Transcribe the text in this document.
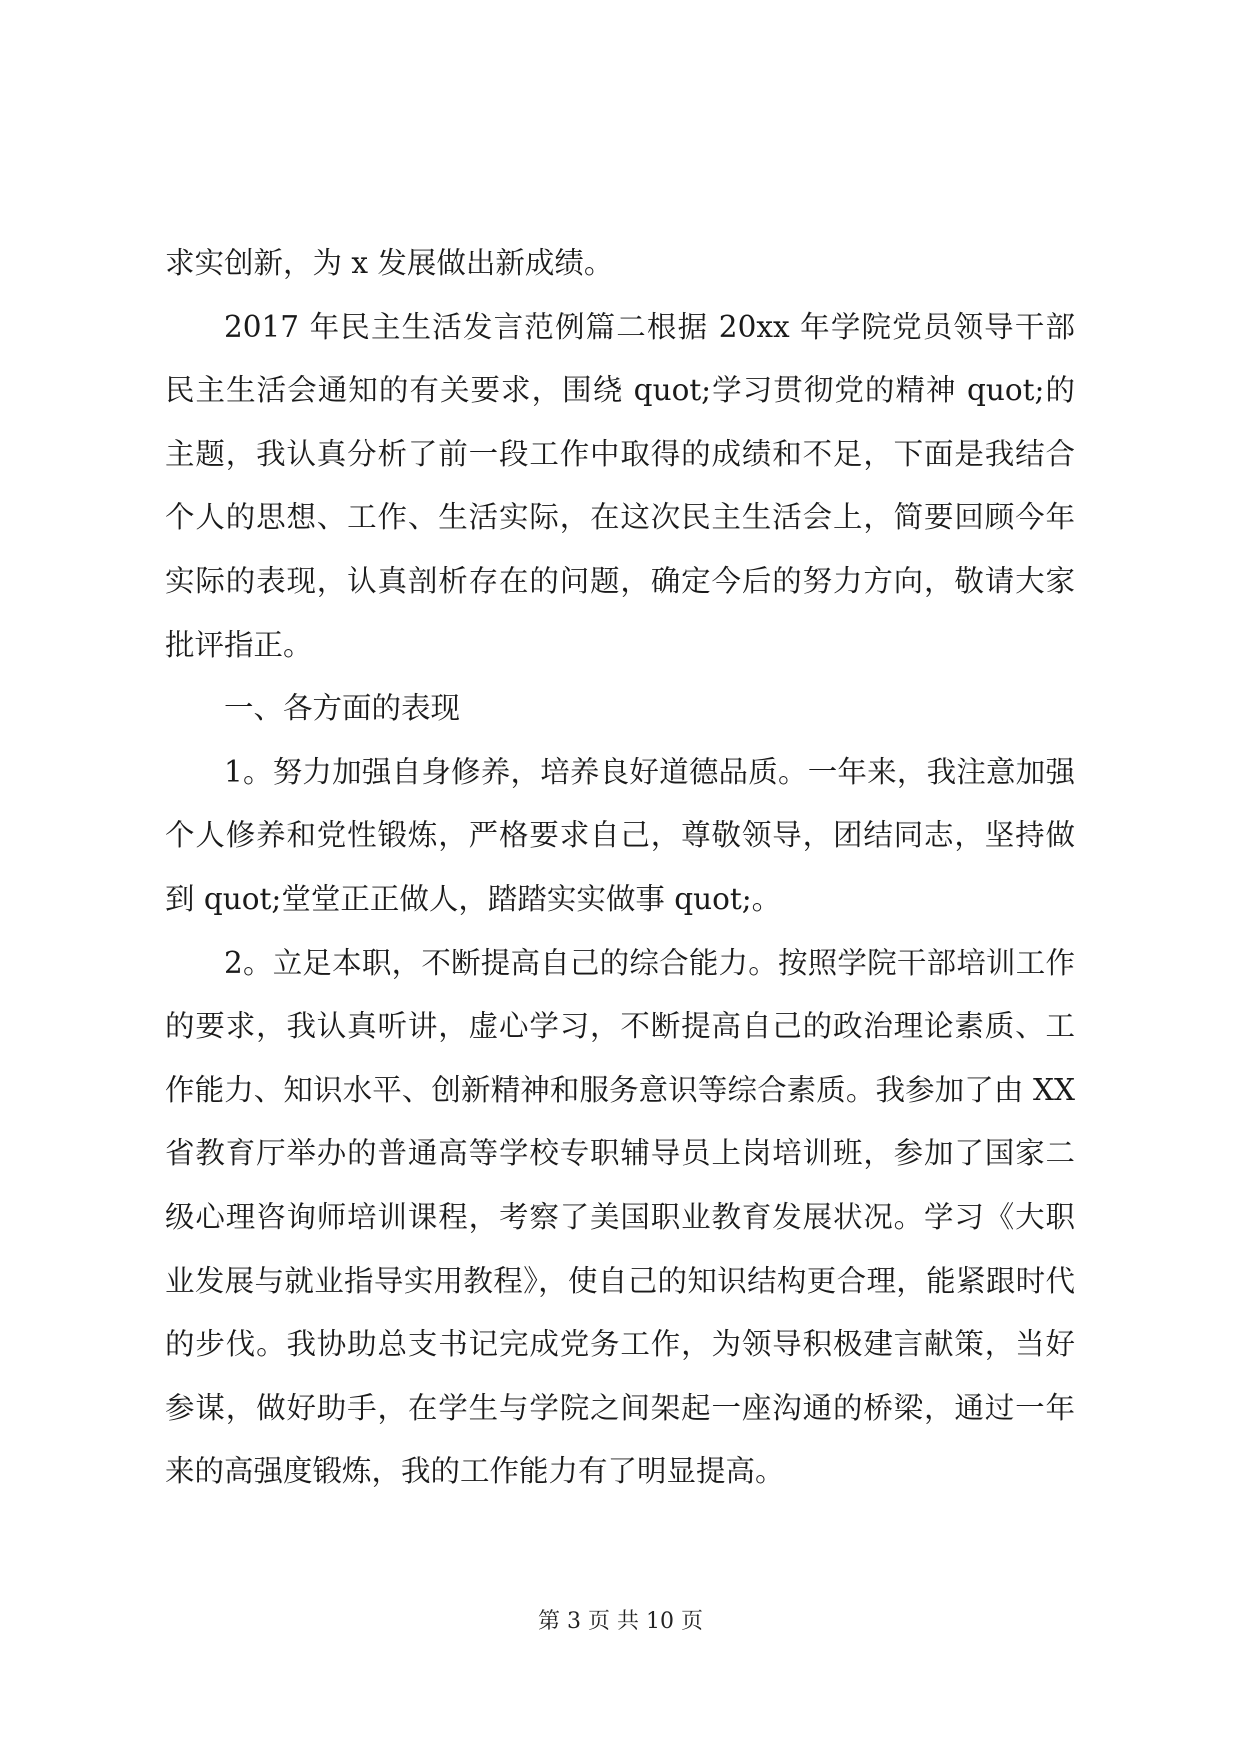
求实创新，为 x 发展做出新成绩。

2017 年民主生活发言范例篇二根据 20xx 年学院党员领导干部民主生活会通知的有关要求，围绕 quot;学习贯彻党的精神 quot;的主题，我认真分析了前一段工作中取得的成绩和不足，下面是我结合个人的思想、工作、生活实际，在这次民主生活会上，简要回顾今年实际的表现，认真剖析存在的问题，确定今后的努力方向，敬请大家批评指正。

一、各方面的表现

1。努力加强自身修养，培养良好道德品质。一年来，我注意加强个人修养和党性锻炼，严格要求自己，尊敬领导，团结同志，坚持做到 quot;堂堂正正做人，踏踏实实做事 quot;。

2。立足本职，不断提高自己的综合能力。按照学院干部培训工作的要求，我认真听讲，虚心学习，不断提高自己的政治理论素质、工作能力、知识水平、创新精神和服务意识等综合素质。我参加了由 XX 省教育厅举办的普通高等学校专职辅导员上岗培训班，参加了国家二级心理咨询师培训课程，考察了美国职业教育发展状况。学习《大职业发展与就业指导实用教程》，使自己的知识结构更合理，能紧跟时代的步伐。我协助总支书记完成党务工作，为领导积极建言献策，当好参谋，做好助手，在学生与学院之间架起一座沟通的桥梁，通过一年来的高强度锻炼，我的工作能力有了明显提高。

第 3 页 共 10 页
